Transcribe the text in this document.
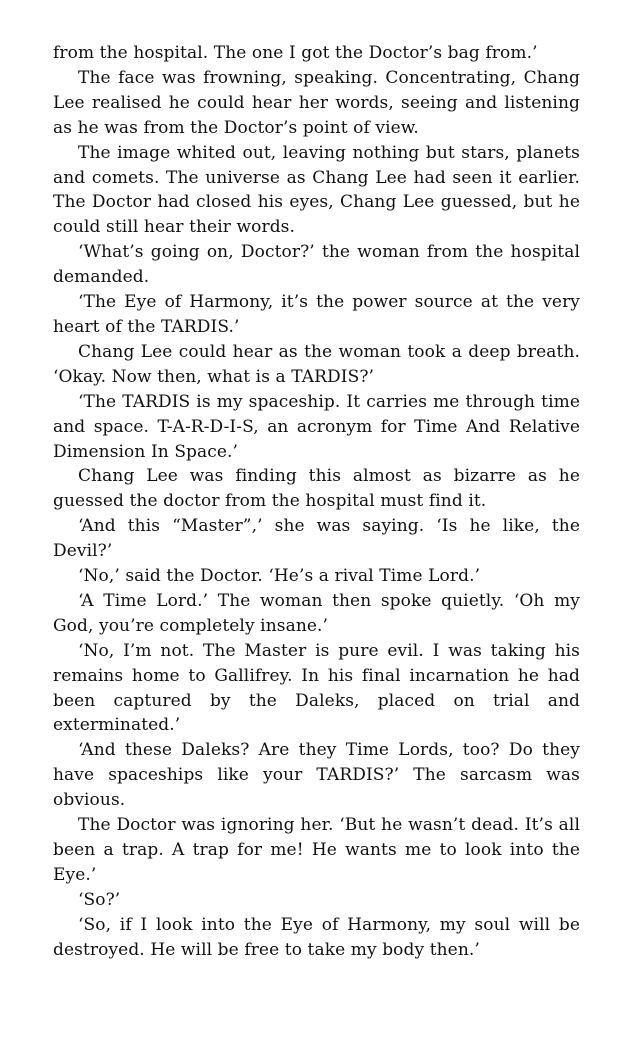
from the hospital. The one I got the Doctor’s bag from.’

The face was frowning, speaking. Concentrating, Chang Lee realised he could hear her words, seeing and listening as he was from the Doctor’s point of view.

The image whited out, leaving nothing but stars, planets and comets. The universe as Chang Lee had seen it earlier. The Doctor had closed his eyes, Chang Lee guessed, but he could still hear their words.

‘What’s going on, Doctor?’ the woman from the hospital demanded.

‘The Eye of Harmony, it’s the power source at the very heart of the TARDIS.’

Chang Lee could hear as the woman took a deep breath. ‘Okay. Now then, what is a TARDIS?’

‘The TARDIS is my spaceship. It carries me through time and space. T-A-R-D-I-S, an acronym for Time And Relative Dimension In Space.’

Chang Lee was finding this almost as bizarre as he guessed the doctor from the hospital must find it.

‘And this “Master”,’ she was saying. ‘Is he like, the Devil?’

‘No,’ said the Doctor. ‘He’s a rival Time Lord.’

‘A Time Lord.’ The woman then spoke quietly. ‘Oh my God, you’re completely insane.’

‘No, I’m not. The Master is pure evil. I was taking his remains home to Gallifrey. In his final incarnation he had been captured by the Daleks, placed on trial and exterminated.’

‘And these Daleks? Are they Time Lords, too? Do they have spaceships like your TARDIS?’ The sarcasm was obvious.

The Doctor was ignoring her. ‘But he wasn’t dead. It’s all been a trap. A trap for me! He wants me to look into the Eye.’

‘So?’

‘So, if I look into the Eye of Harmony, my soul will be destroyed. He will be free to take my body then.’
